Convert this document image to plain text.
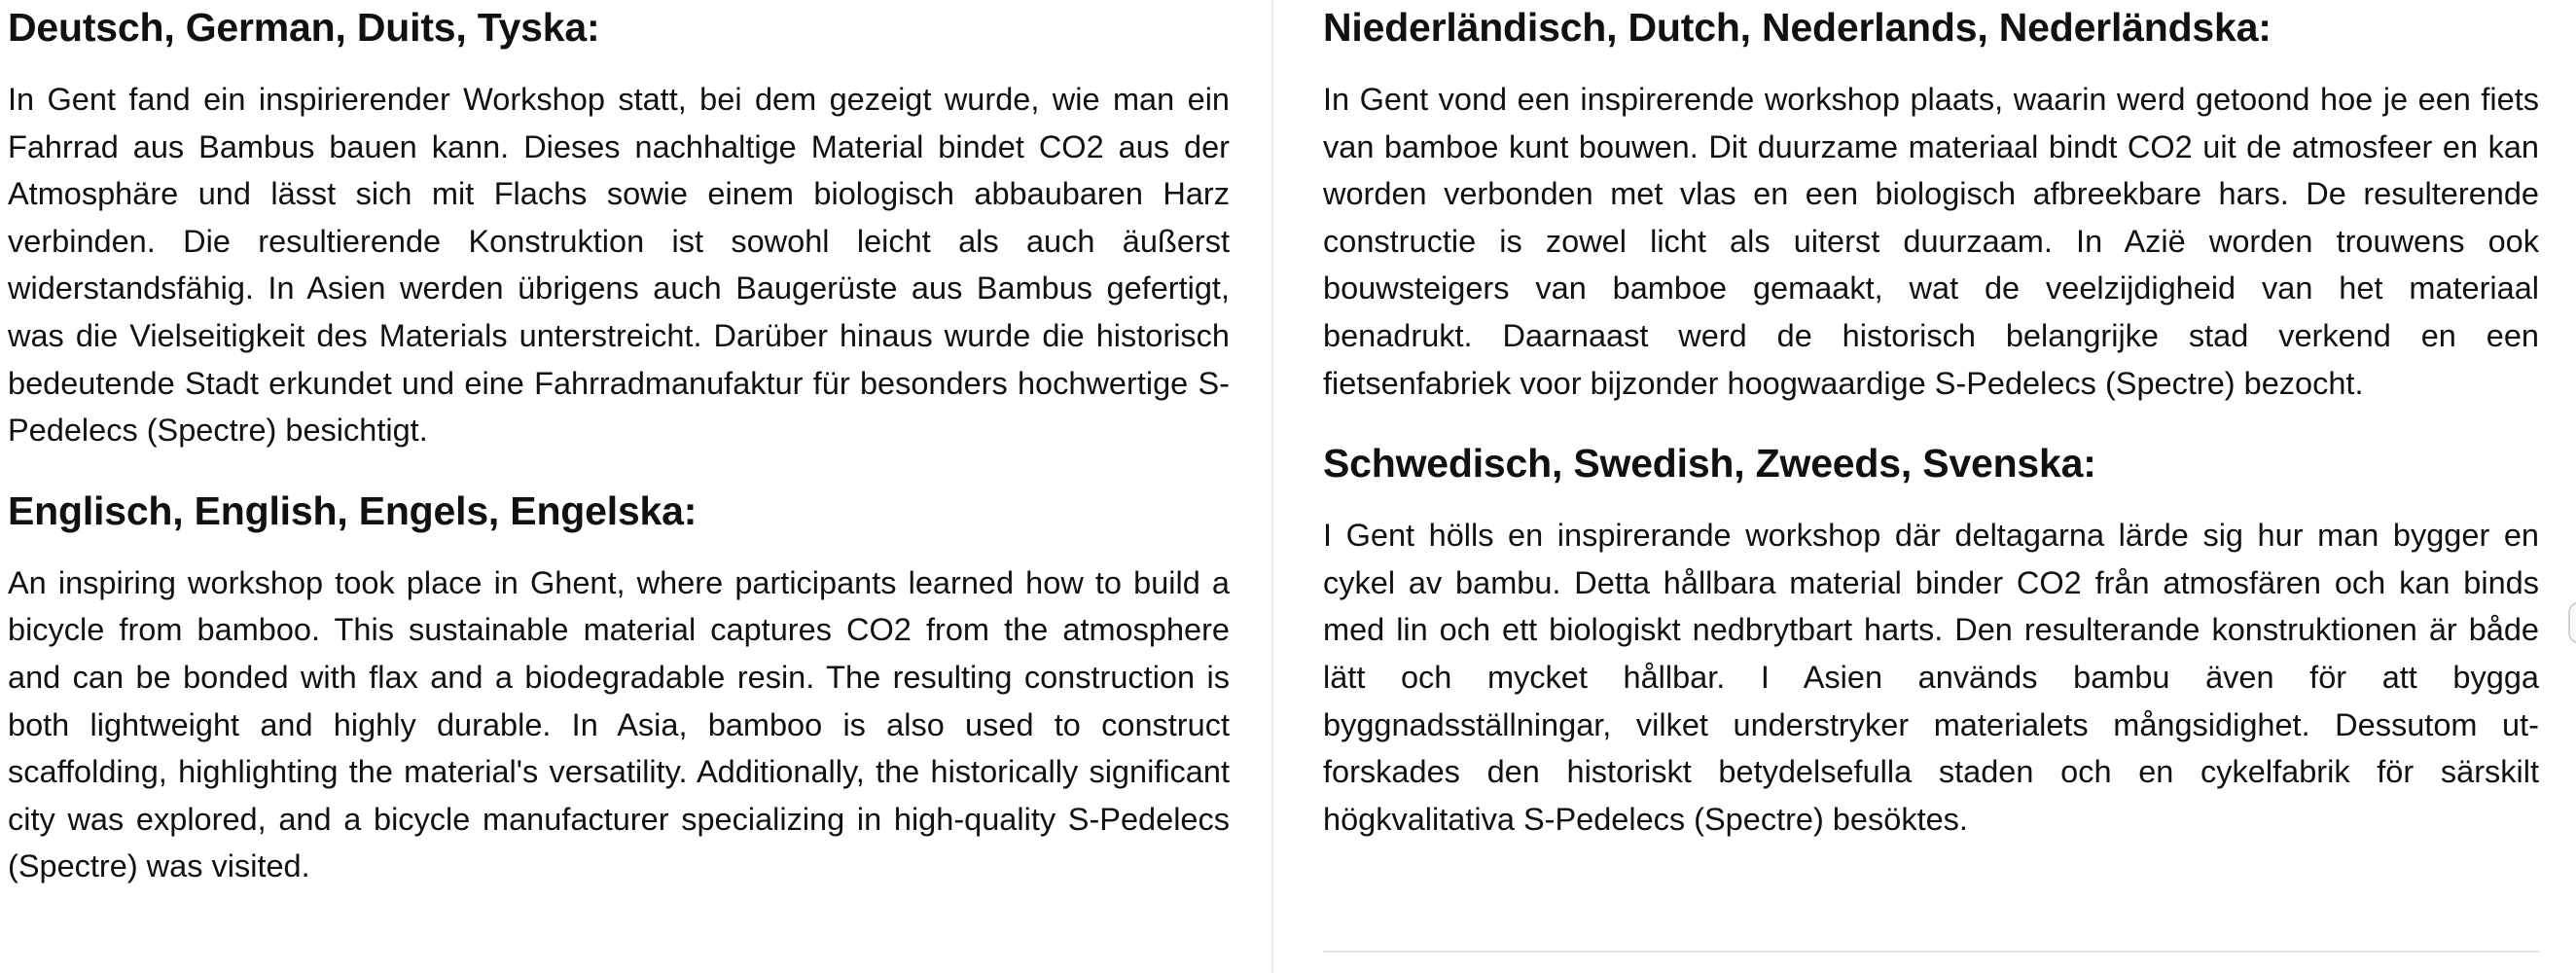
Deutsch, German, Duits, Tyska:

In Gent fand ein inspirierender Workshop statt, bei dem gezeigt wurde, wie man ein Fahrrad aus Bambus bauen kann. Dieses nachhaltige Material bindet CO2 aus der Atmosphäre und lässt sich mit Flachs sowie einem biologisch abbaubaren Harz verbinden. Die resultierende Konstruktion ist sowohl leicht als auch äußerst widerstandsfähig. In Asien werden übrigens auch Baugerüste aus Bambus gefertigt, was die Vielseitigkeit des Materials unterstreicht. Darüber hinaus wurde die historisch bedeutende Stadt erkundet und eine Fahrradmanufaktur für besonders hochwertige S-Pedelecs (Spectre) besichtigt.

Englisch, English, Engels, Engelska:

An inspiring workshop took place in Ghent, where participants learned how to build a bicycle from bamboo. This sustainable material captures CO2 from the atmosphere and can be bonded with flax and a biodegradable resin. The resulting construction is both lightweight and highly durable. In Asia, bamboo is also used to construct scaffolding, highlighting the material's versatility. Additionally, the historically significant city was explored, and a bicycle manufacturer specializing in high-quality S-Pedelecs (Spectre) was visited.

Niederländisch, Dutch, Nederlands, Nederländska:

In Gent vond een inspirerende workshop plaats, waarin werd getoond hoe je een fiets van bamboe kunt bouwen. Dit duurzame materiaal bindt CO2 uit de atmosfeer en kan worden verbonden met vlas en een biologisch afbreekbare hars. De resulterende constructie is zowel licht als uiterst duurzaam. In Azië worden trouwens ook bouwsteigers van bamboe gemaakt, wat de veelzijdigheid van het materiaal benadrukt. Daarnaast werd de historisch belangrijke stad verkend en een fietsenfabriek voor bijzonder hoogwaardige S-Pedelecs (Spectre) bezocht.

Schwedisch, Swedish, Zweeds, Svenska:

I Gent hölls en inspirerande workshop där deltagarna lärde sig hur man bygger en cykel av bambu. Detta hållbara material binder CO2 från atmosfären och kan binds med lin och ett biologiskt nedbrytbart harts. Den resulterande konstruktionen är både lätt och mycket hållbar. I Asien används bambu även för att bygga byggnadsställningar, vilket understryker materialets mångsidighet. Dessutom utforskades den historiskt betydelsefulla staden och en cykelfabrik för särskilt högkvalitativa S-Pedelecs (Spectre) besöktes.
